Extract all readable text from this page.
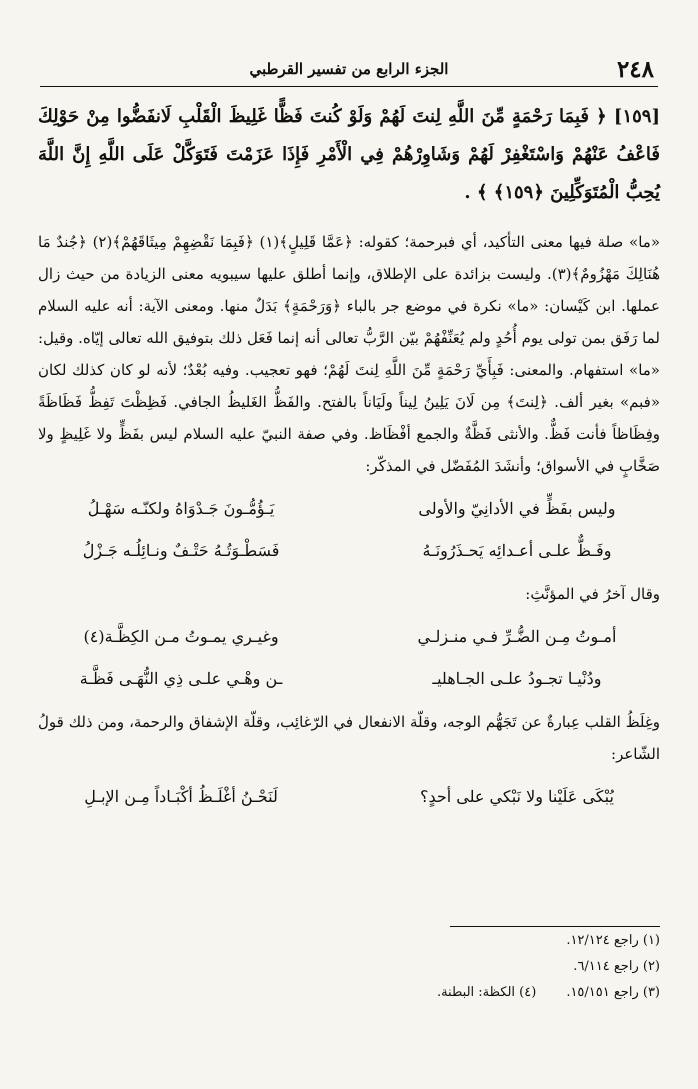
٢٤٨
الجزء الرابع من تفسير القرطبي
[١٥٩] ﴿ فَبِمَا رَحْمَةٍ مِّنَ اللَّهِ لِنتَ لَهُمْ وَلَوْ كُنتَ فَظًّا غَلِيظَ الْقَلْبِ لَانفَضُّوا مِنْ حَوْلِكَ فَاعْفُ عَنْهُمْ وَاسْتَغْفِرْ لَهُمْ وَشَاوِرْهُمْ فِي الْأَمْرِ فَإِذَا عَزَمْتَ فَتَوَكَّلْ عَلَى اللَّهِ إِنَّ اللَّهَ يُحِبُّ الْمُتَوَكِّلِينَ ﴿١٥٩﴾ ﴾ .

«ما» صلة فيها معنى التأكيد، أي فبرحمة؛ كقوله: ﴿عَمَّا قَلِيلٍ﴾(١) ﴿فَبِمَا نَقْضِهِمْ مِيثَاقَهُمْ﴾(٢) ﴿جُندٌ مَا هُنَالِكَ مَهْزُومٌ﴾(٣). وليست بزائدة على الإطلاق، وإنما أطلق عليها سيبويه معنى الزيادة من حيث زال عملها. ابن كَيْسان: «ما» نكرة في موضع جر بالباء ﴿وَرَحْمَةٍ﴾ بَدَلٌ منها. ومعنى الآية: أنه عليه السلام لما رَفَق بمن تولى يوم أُحُدٍ ولم يُعَنِّفْهُمْ بيّن الرَّبُّ تعالى أنه إنما فَعَل ذلك بتوفيق الله تعالى إيّاه. وقيل: «ما» استفهام. والمعنى: فَبِأَيِّ رَحْمَةٍ مِّنَ اللَّهِ لِنتَ لَهُمْ؛ فهو تعجيب. وفيه بُعْدٌ؛ لأنه لو كان كذلك لكان «فبم» بغير ألف. ﴿لِنتَ﴾ مِن لَانَ يَلِينُ لِيناً ولَيَاناً بالفتح. والفَظُّ الغَليظُ الجافي. فَظِظْتَ تَفِظُّ فَظَاظَةً وفِظَاظاً فأنت فَظٌّ. والأنثى فَظَّةٌ والجمع أفْظَاظ. وفي صفة النبيّ عليه السلام ليس بفَظٍّ ولا غَلِيظٍ ولا صَخَّابٍ في الأسواق؛ وأنشَدَ المُفَضّل في المذكّر:

وليس بفَظٍّ في الأدانِيّ والأولى
يَـؤُمُّـونَ جَـدْوَاهُ ولكنّـه سَهْـلُ
وفَـظٌّ علـى أعـدائِه يَحـذَرُونَـهُ
فَسَطْـوَتُـهُ حَتْـفٌ ونـائِلُـه جَـزْلُ
وقال آخرُ في المؤنَّثِ:
أمـوتُ مِـن الضُّـرِّ فـي منـزلـي
وغيـري يمـوتُ مـن الكِظَّـة(٤)
ودُنْيـا تجـودُ علـى الجـاهليـ
ـن وهْـي علـى ذِي النُّهَـى فَظَّـة
وغِلَظُ القلب عِبارةٌ عن تَجَهُّم الوجه، وقلّة الانفعال في الرّغائِب، وقلّة الإشفاق والرحمة، ومن ذلك قولُ الشّاعر:
يُبْكَى عَلَيْنا ولا نَبْكي على أحدٍ؟
لَنَحْـنُ أغْلَـظُ أكْبَـاداً مِـن الإبـلِ
(١) راجع ١٢/١٢٤.
(٢) راجع ٦/١١٤.
(٣) راجع ١٥/١٥١.
(٤) الكظة: البطنة.
